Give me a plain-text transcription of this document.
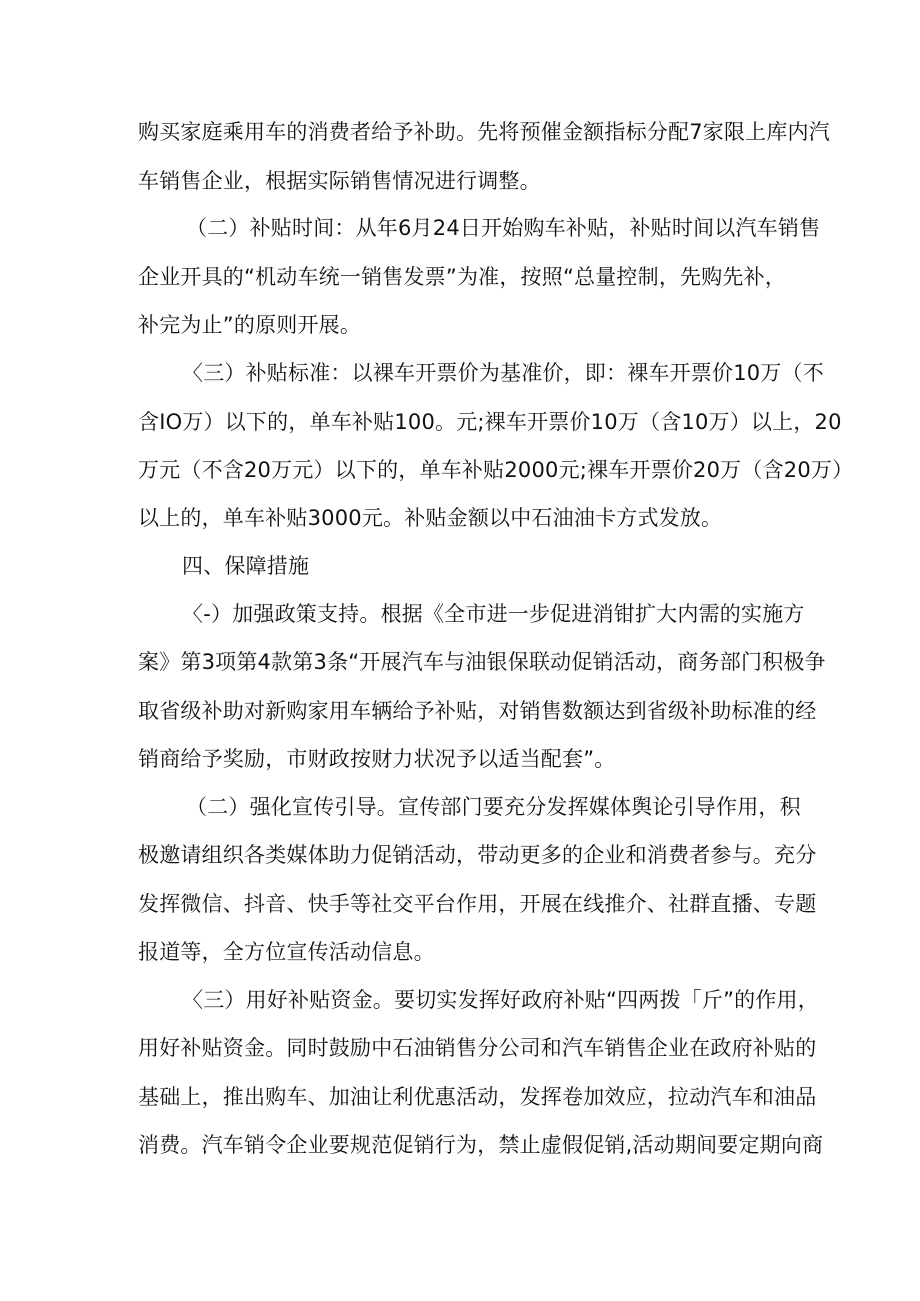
购买家庭乘用车的消费者给予补助。先将预催金额指标分配7家限上库内汽
车销售企业，根据实际销售情况进行调整。
（二）补贴时间：从年6月24日开始购车补贴，补贴时间以汽车销售
企业开具的“机动车统一销售发票”为准，按照“总量控制，先购先补，
补完为止”的原则开展。
〈三）补贴标准：以裸车开票价为基准价，即：裸车开票价10万（不
含IO万）以下的，单车补贴100。元;裸车开票价10万（含10万）以上，20
万元（不含20万元）以下的，单车补贴2000元;裸车开票价20万（含20万）
以上的，单车补贴3000元。补贴金额以中石油油卡方式发放。
四、保障措施
〈-）加强政策支持。根据《全市进一步促进消钳扩大内需的实施方
案》第3项第4款第3条“开展汽车与油银保联动促销活动，商务部门积极争
取省级补助对新购家用车辆给予补贴，对销售数额达到省级补助标准的经
销商给予奖励，市财政按财力状况予以适当配套”。
（二）强化宣传引导。宣传部门要充分发挥媒体舆论引导作用，积
极邀请组织各类媒体助力促销活动，带动更多的企业和消费者参与。充分
发挥微信、抖音、快手等社交平台作用，开展在线推介、社群直播、专题
报道等，全方位宣传活动信息。
〈三）用好补贴资金。要切实发挥好政府补贴“四两拨「斤”的作用，
用好补贴资金。同时鼓励中石油销售分公司和汽车销售企业在政府补贴的
基础上，推出购车、加油让利优惠活动，发挥卷加效应，拉动汽车和油品
消费。汽车销令企业要规范促销行为，禁止虚假促销,活动期间要定期向商
